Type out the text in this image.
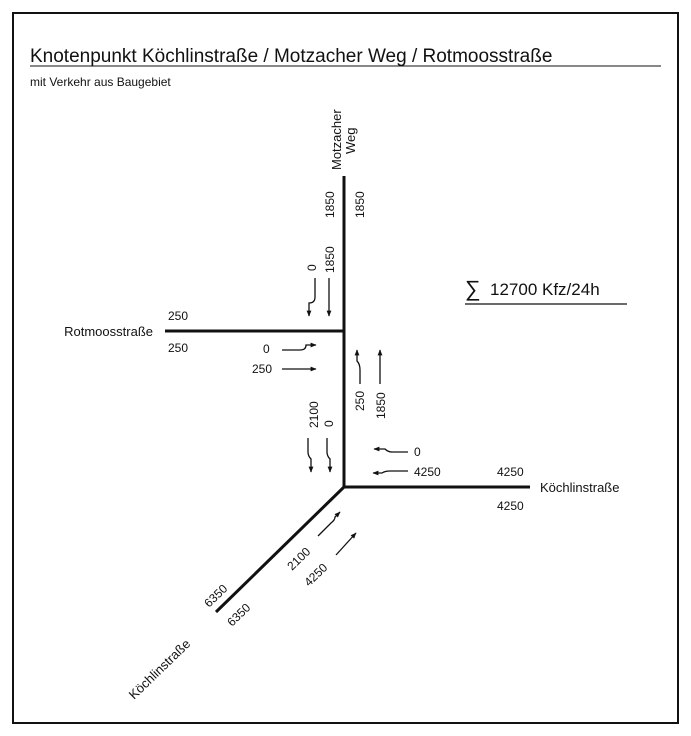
Knotenpunkt Köchlinstraße / Motzacher Weg / Rotmoosstraße
mit Verkehr aus Baugebiet
Motzacher Weg
Rotmoosstraße
Köchlinstraße
Köchlinstraße
1850 1850
250
250
4250
4250
6350
6350
0 1850
0
250
2100 0
250 1850
0
4250
2100
4250
∑ 12700 Kfz/24h
